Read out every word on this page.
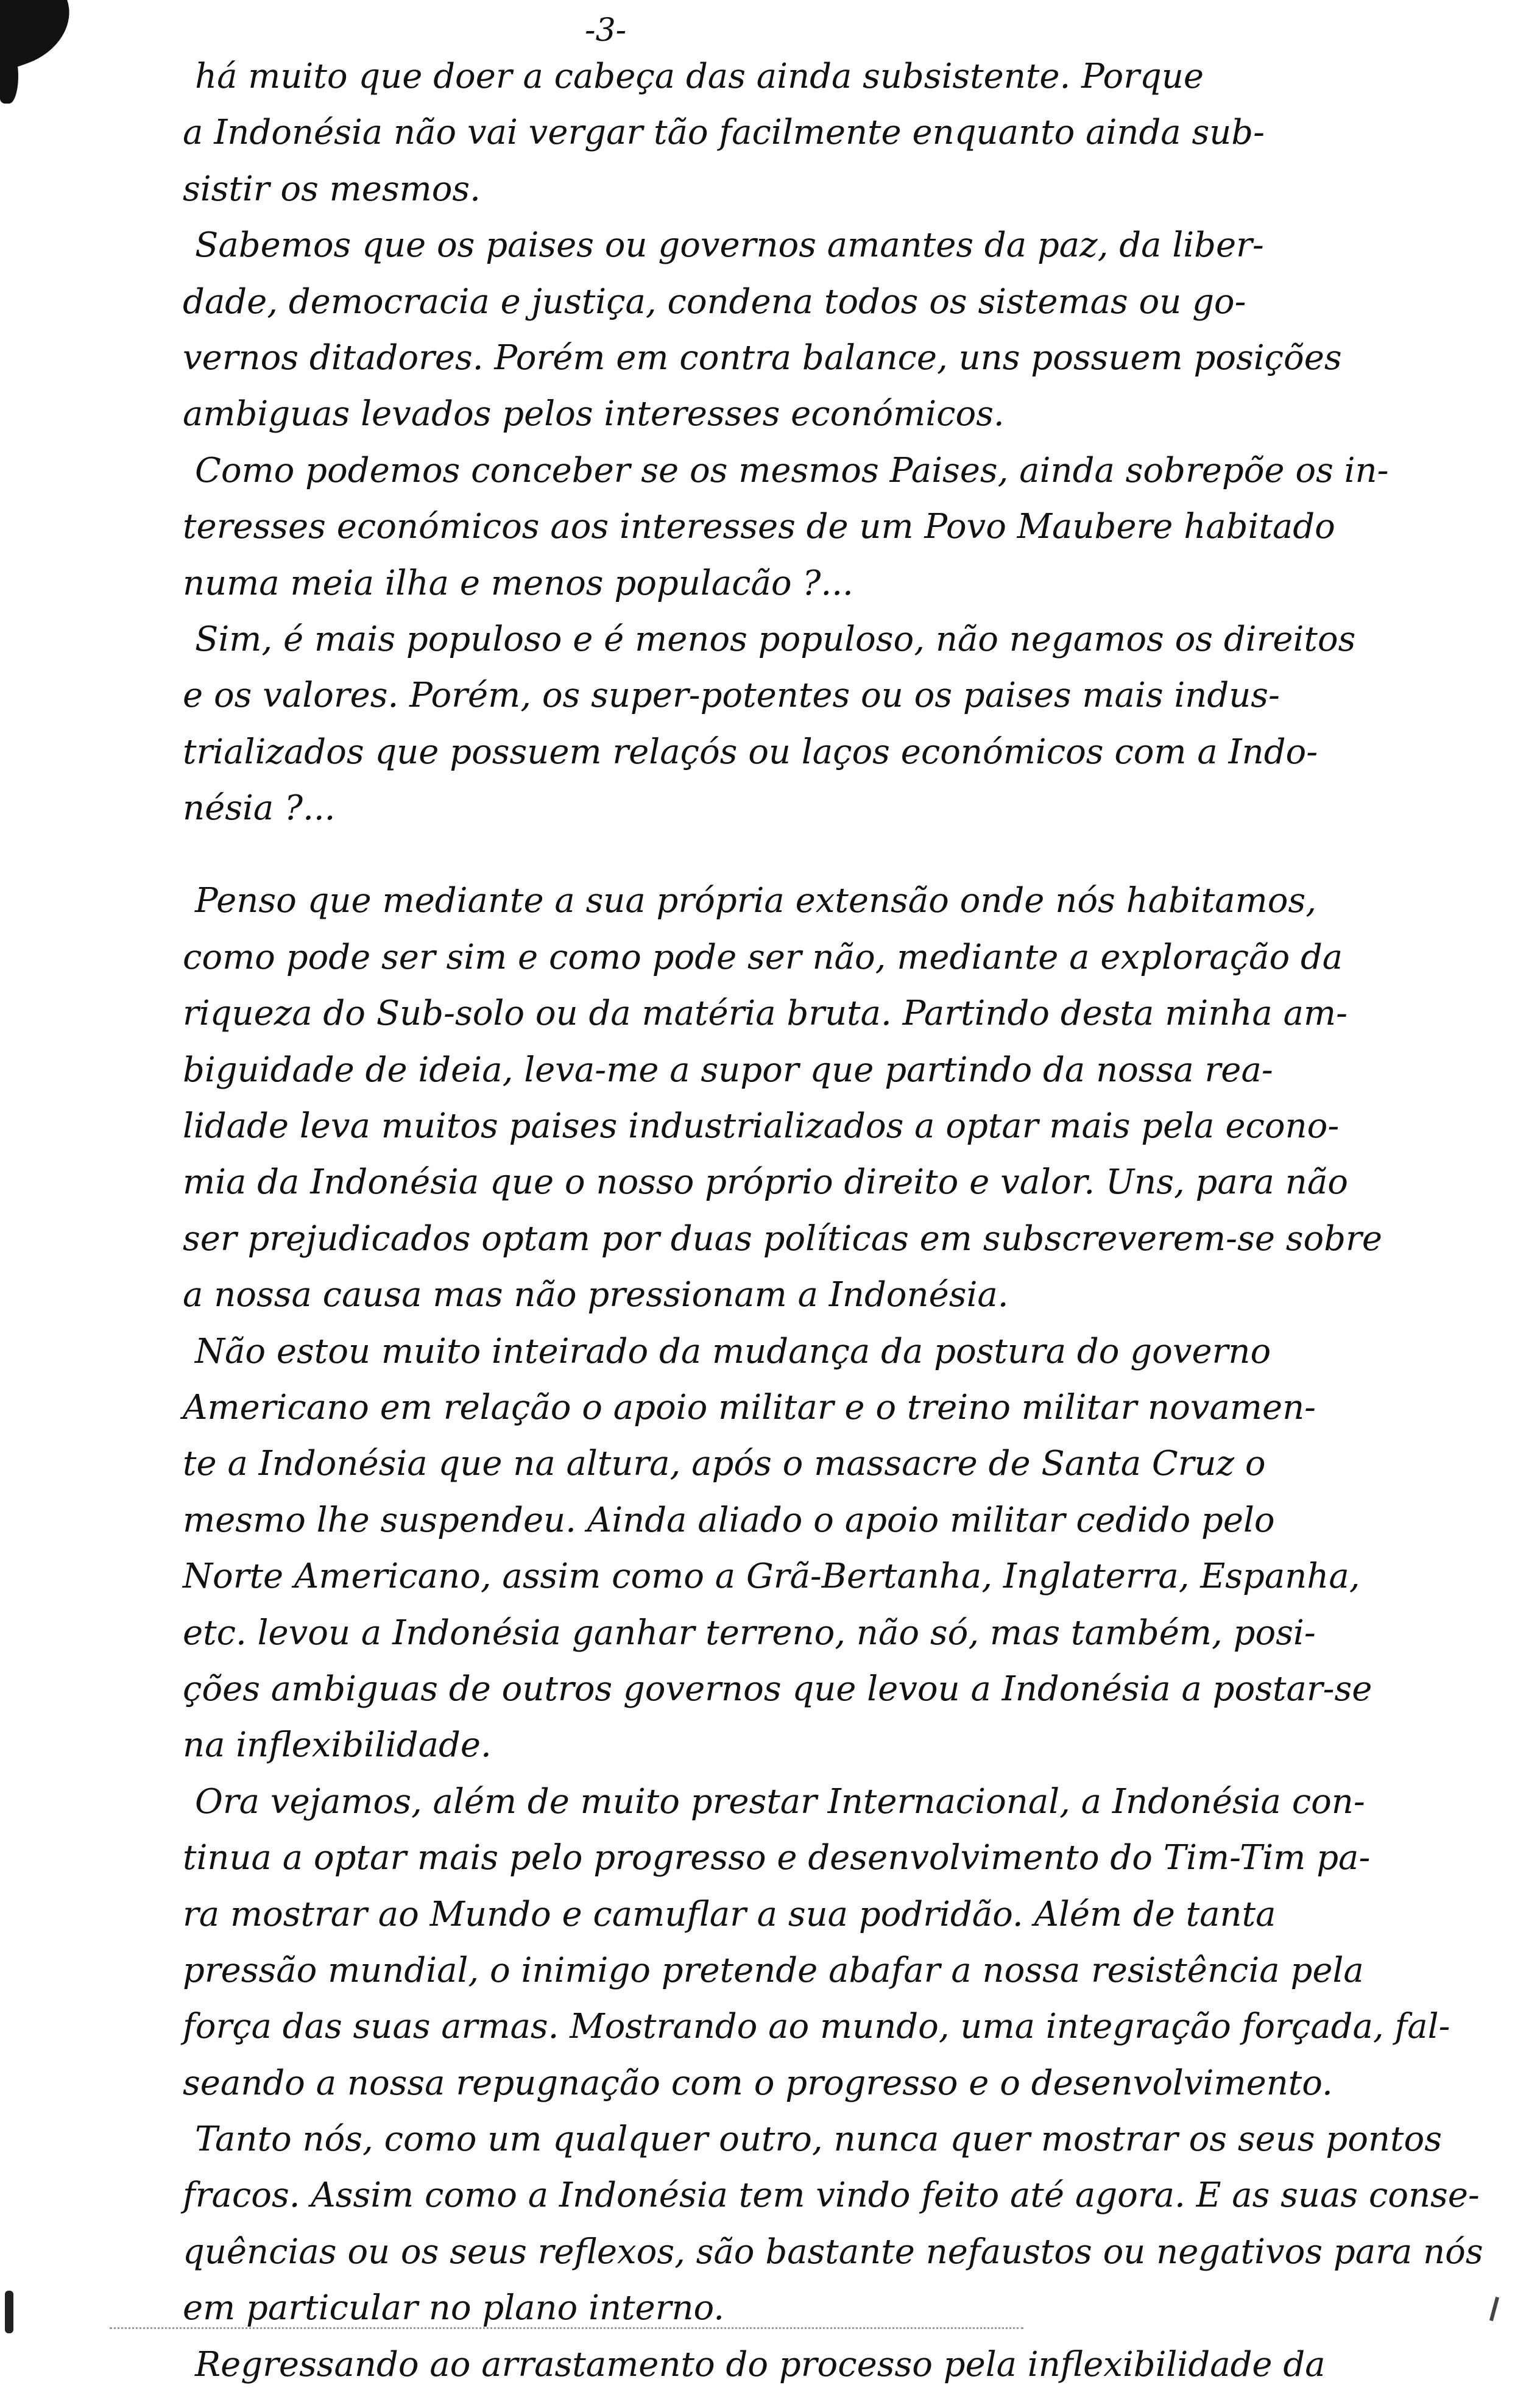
-3-
há muito que doer a cabeça das ainda subsistente. Porque
a Indonésia não vai vergar tão facilmente enquanto ainda sub-
sistir os mesmos.
Sabemos que os paises ou governos amantes da paz, da liber-
dade, democracia e justiça, condena todos os sistemas ou go-
vernos ditadores. Porém em contra balance, uns possuem posições
ambiguas levados pelos interesses económicos.
Como podemos conceber se os mesmos Paises, ainda sobrepõe os in-
teresses económicos aos interesses de um Povo Maubere habitado
numa meia ilha e menos populacão ?...
Sim, é mais populoso e é menos populoso, não negamos os direitos
e os valores. Porém, os super-potentes ou os paises mais indus-
trializados que possuem relaçós ou laços económicos com a Indo-
nésia ?...
Penso que mediante a sua própria extensão onde nós habitamos,
como pode ser sim e como pode ser não, mediante a exploração da
riqueza do Sub-solo ou da matéria bruta. Partindo desta minha am-
biguidade de ideia, leva-me a supor que partindo da nossa rea-
lidade leva muitos paises industrializados a optar mais pela econo-
mia da Indonésia que o nosso próprio direito e valor. Uns, para não
ser prejudicados optam por duas políticas em subscreverem-se sobre
a nossa causa mas não pressionam a Indonésia.
Não estou muito inteirado da mudança da postura do governo
Americano em relação o apoio militar e o treino militar novamen-
te a Indonésia que na altura, após o massacre de Santa Cruz o
mesmo lhe suspendeu. Ainda aliado o apoio militar cedido pelo
Norte Americano, assim como a Grã-Bertanha, Inglaterra, Espanha,
etc. levou a Indonésia ganhar terreno, não só, mas também, posi-
ções ambiguas de outros governos que levou a Indonésia a postar-se
na inflexibilidade.
Ora vejamos, além de muito prestar Internacional, a Indonésia con-
tinua a optar mais pelo progresso e desenvolvimento do Tim-Tim pa-
ra mostrar ao Mundo e camuflar a sua podridão. Além de tanta
pressão mundial, o inimigo pretende abafar a nossa resistência pela
força das suas armas. Mostrando ao mundo, uma integração forçada, fal-
seando a nossa repugnação com o progresso e o desenvolvimento.
Tanto nós, como um qualquer outro, nunca quer mostrar os seus pontos
fracos. Assim como a Indonésia tem vindo feito até agora. E as suas conse-
quências ou os seus reflexos, são bastante nefaustos ou negativos para nós
em particular no plano interno.
Regressando ao arrastamento do processo pela inflexibilidade da
